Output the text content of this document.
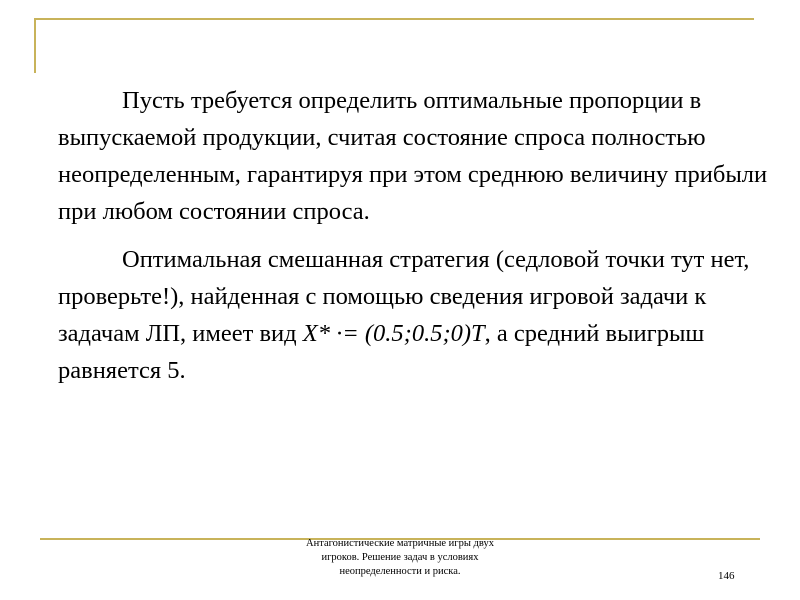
Пусть требуется определить оптимальные пропорции в выпускаемой продукции, считая состояние спроса полностью неопределенным, гарантируя при этом среднюю величину прибыли при любом состоянии спроса.

Оптимальная смешанная стратегия (седловой точки тут нет, проверьте!), найденная с помощью сведения игровой задачи к задачам ЛП, имеет вид X* ·= (0.5;0.5;0)T, а средний выигрыш равняется 5.

Антагонистические матричные игры двух
игроков. Решение задач в условиях
неопределенности и риска.	146
